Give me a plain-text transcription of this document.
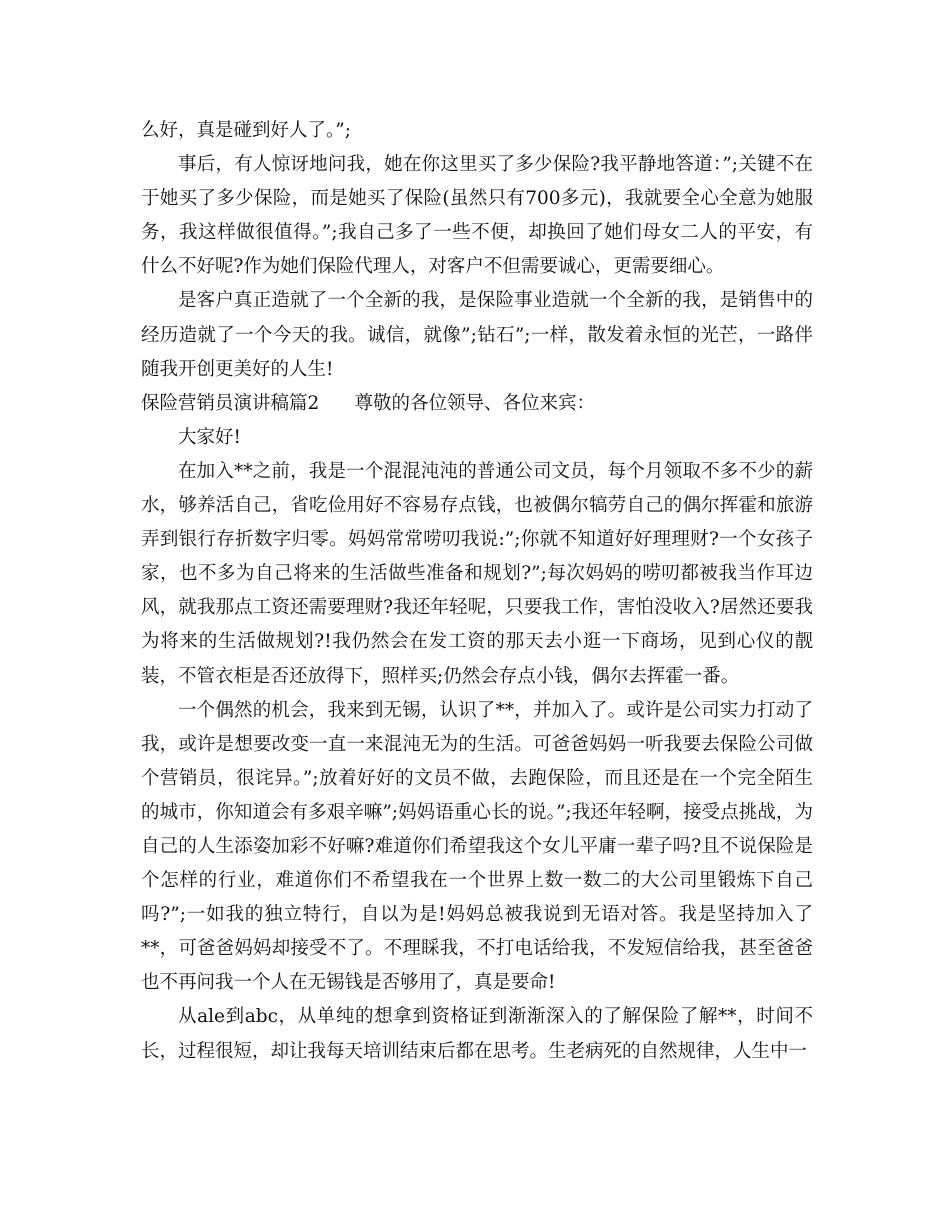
么好，真是碰到好人了。”;

事后，有人惊讶地问我，她在你这里买了多少保险?我平静地答道：”;关键不在于她买了多少保险，而是她买了保险(虽然只有700多元)，我就要全心全意为她服务，我这样做很值得。”;我自己多了一些不便，却换回了她们母女二人的平安，有什么不好呢?作为她们保险代理人，对客户不但需要诚心，更需要细心。

是客户真正造就了一个全新的我，是保险事业造就一个全新的我，是销售中的经历造就了一个今天的我。诚信，就像”;钻石”;一样，散发着永恒的光芒，一路伴随我开创更美好的人生!

保险营销员演讲稿篇2      尊敬的各位领导、各位来宾：

大家好!

在加入**之前，我是一个混混沌沌的普通公司文员，每个月领取不多不少的薪水，够养活自己，省吃俭用好不容易存点钱，也被偶尔犒劳自己的偶尔挥霍和旅游弄到银行存折数字归零。妈妈常常唠叨我说:”;你就不知道好好理理财?一个女孩子家，也不多为自己将来的生活做些准备和规划?”;每次妈妈的唠叨都被我当作耳边风，就我那点工资还需要理财?我还年轻呢，只要我工作，害怕没收入?居然还要我为将来的生活做规划?!我仍然会在发工资的那天去小逛一下商场，见到心仪的靓装，不管衣柜是否还放得下，照样买;仍然会存点小钱，偶尔去挥霍一番。

一个偶然的机会，我来到无锡，认识了**，并加入了。或许是公司实力打动了我，或许是想要改变一直一来混沌无为的生活。可爸爸妈妈一听我要去保险公司做个营销员，很诧异。”;放着好好的文员不做，去跑保险，而且还是在一个完全陌生的城市，你知道会有多艰辛嘛”;妈妈语重心长的说。”;我还年轻啊，接受点挑战，为自己的人生添姿加彩不好嘛?难道你们希望我这个女儿平庸一辈子吗?且不说保险是个怎样的行业，难道你们不希望我在一个世界上数一数二的大公司里锻炼下自己吗?”;一如我的独立特行，自以为是!妈妈总被我说到无语对答。我是坚持加入了**，可爸爸妈妈却接受不了。不理睬我，不打电话给我，不发短信给我，甚至爸爸也不再问我一个人在无锡钱是否够用了，真是要命!

从ale到abc，从单纯的想拿到资格证到渐渐深入的了解保险了解**，时间不长，过程很短，却让我每天培训结束后都在思考。生老病死的自然规律，人生中一
